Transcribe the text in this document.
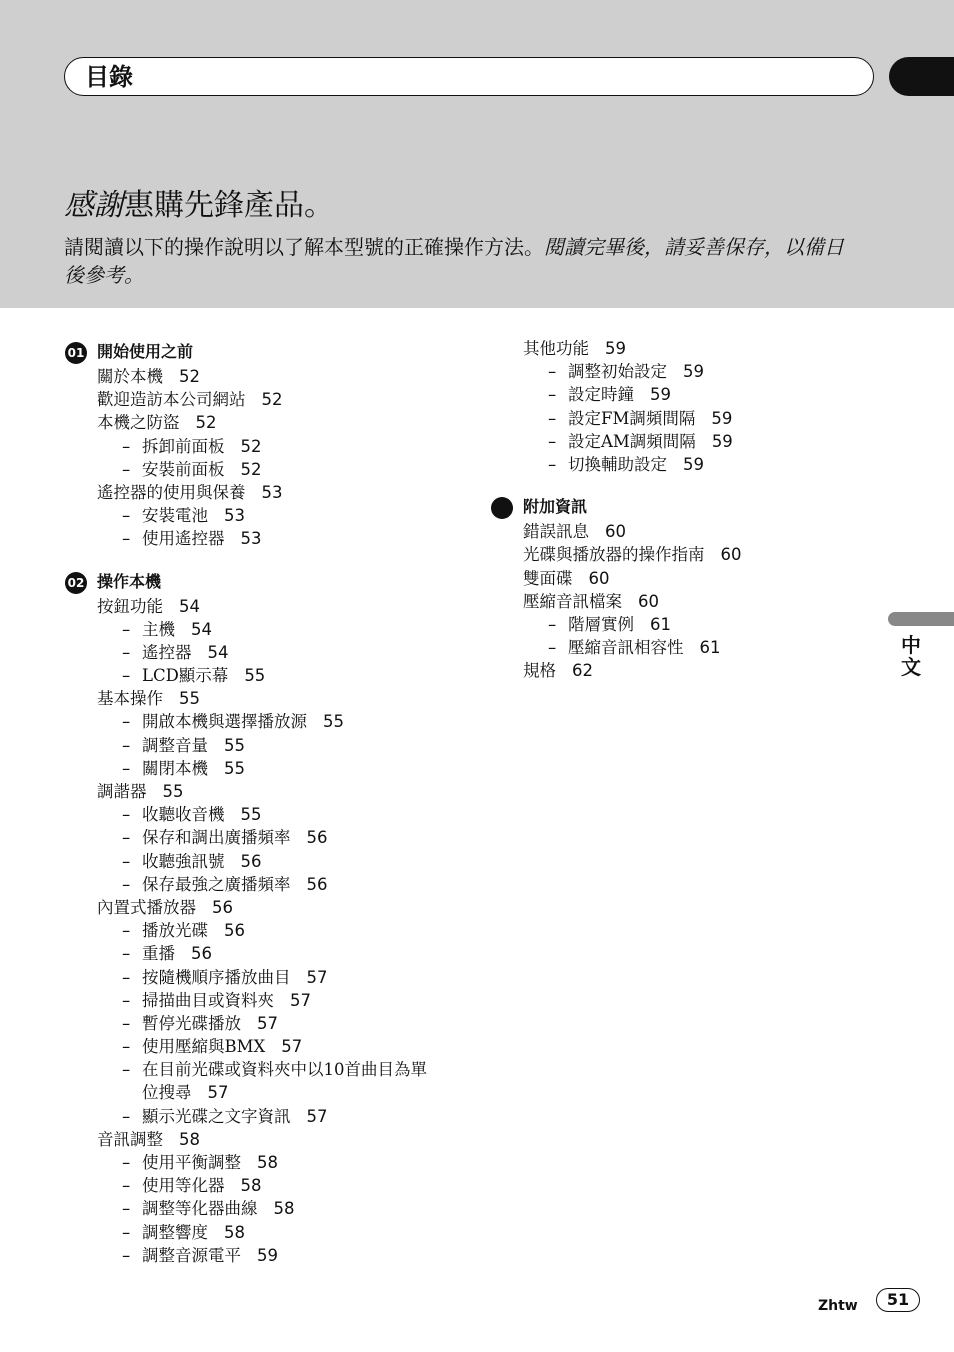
目錄
感謝惠購先鋒產品。
請閱讀以下的操作說明以了解本型號的正確操作方法。閱讀完畢後，請妥善保存，以備日後參考。
01 開始使用之前
關於本機 52
歡迎造訪本公司網站 52
本機之防盜 52
– 拆卸前面板 52
– 安裝前面板 52
遙控器的使用與保養 53
– 安裝電池 53
– 使用遙控器 53
02 操作本機
按鈕功能 54
– 主機 54
– 遙控器 54
– LCD顯示幕 55
基本操作 55
– 開啟本機與選擇播放源 55
– 調整音量 55
– 關閉本機 55
調諧器 55
– 收聽收音機 55
– 保存和調出廣播頻率 56
– 收聽強訊號 56
– 保存最強之廣播頻率 56
內置式播放器 56
– 播放光碟 56
– 重播 56
– 按隨機順序播放曲目 57
– 掃描曲目或資料夾 57
– 暫停光碟播放 57
– 使用壓縮與BMX 57
– 在目前光碟或資料夾中以10首曲目為單
位搜尋 57
– 顯示光碟之文字資訊 57
音訊調整 58
– 使用平衡調整 58
– 使用等化器 58
– 調整等化器曲線 58
– 調整響度 58
– 調整音源電平 59
其他功能 59
– 調整初始設定 59
– 設定時鐘 59
– 設定FM調頻間隔 59
– 設定AM調頻間隔 59
– 切換輔助設定 59
附加資訊
錯誤訊息 60
光碟與播放器的操作指南 60
雙面碟 60
壓縮音訊檔案 60
– 階層實例 61
– 壓縮音訊相容性 61
規格 62
中文
Zhtw	51
